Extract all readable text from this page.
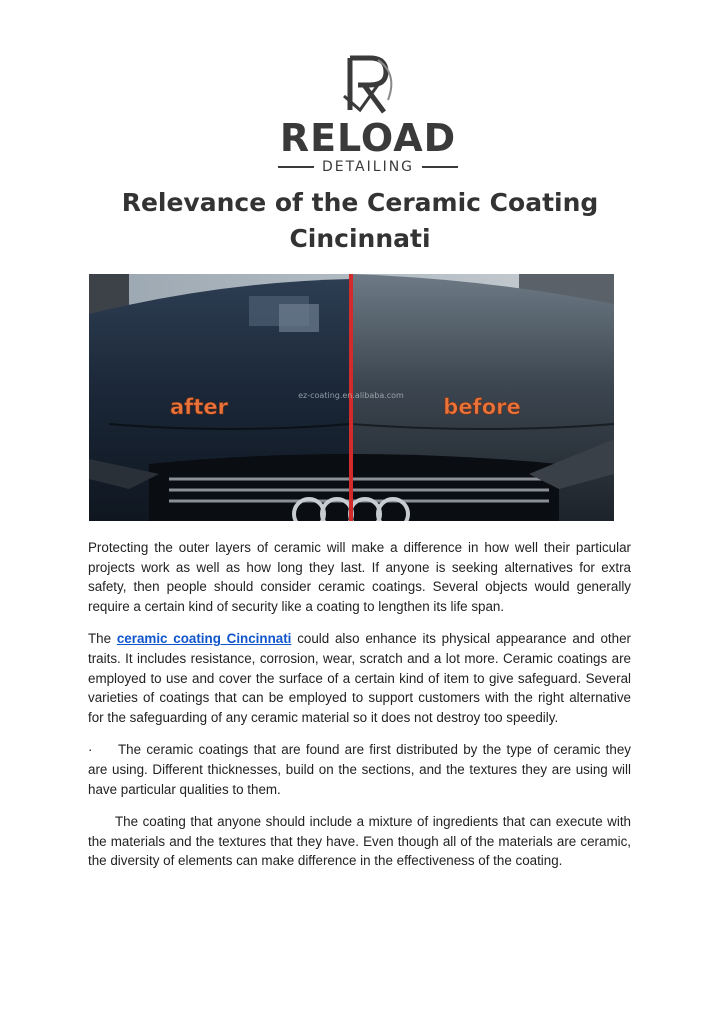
RELOAD
DETAILING
Relevance of the Ceramic Coating
Cincinnati
after	before
ez-coating.en.alibaba.com

Protecting the outer layers of ceramic will make a difference in how well their particular projects work as well as how long they last. If anyone is seeking alternatives for extra safety, then people should consider ceramic coatings. Several objects would generally require a certain kind of security like a coating to lengthen its life span.

The ceramic coating Cincinnati could also enhance its physical appearance and other traits. It includes resistance, corrosion, wear, scratch and a lot more. Ceramic coatings are employed to use and cover the surface of a certain kind of item to give safeguard. Several varieties of coatings that can be employed to support customers with the right alternative for the safeguarding of any ceramic material so it does not destroy too speedily.

· The ceramic coatings that are found are first distributed by the type of ceramic they are using. Different thicknesses, build on the sections, and the textures they are using will have particular qualities to them.

The coating that anyone should include a mixture of ingredients that can execute with the materials and the textures that they have. Even though all of the materials are ceramic, the diversity of elements can make difference in the effectiveness of the coating.
